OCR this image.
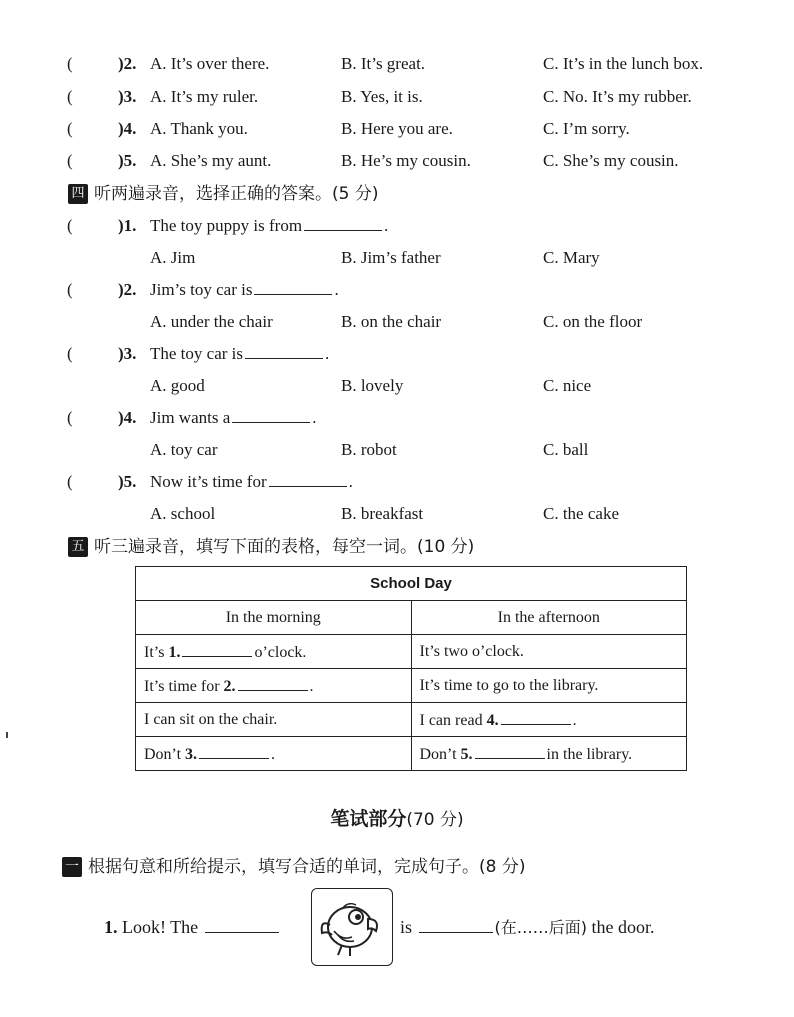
(	)2. A. It’s over there.	B. It’s great.	C. It’s in the lunch box.
(	)3. A. It’s my ruler.	B. Yes, it is.	C. No. It’s my rubber.
(	)4. A. Thank you.	B. Here you are.	C. I’m sorry.
(	)5. A. She’s my aunt.	B. He’s my cousin.	C. She’s my cousin.
四 听两遍录音，选择正确的答案。(5 分)
(	)1. The toy puppy is from	.
A. Jim	B. Jim’s father	C. Mary
(	)2. Jim’s toy car is	.
A. under the chair	B. on the chair	C. on the floor
(	)3. The toy car is	.
A. good	B. lovely	C. nice
(	)4. Jim wants a	.
A. toy car	B. robot	C. ball
(	)5. Now it’s time for	.
A. school	B. breakfast	C. the cake
五 听三遍录音，填写下面的表格，每空一词。(10 分)
School Day	
In the morning	In the afternoon
It’s 1. o’clock.	It’s two o’clock.
It’s time for 2. .	It’s time to go to the library.
I can sit on the chair.	I can read 4. .
Don’t 3. .	Don’t 5. in the library.
笔试部分(70 分)
一 根据句意和所给提示，填写合适的单词，完成句子。(8 分)
1. Look! The	is	(在……后面) the door.
